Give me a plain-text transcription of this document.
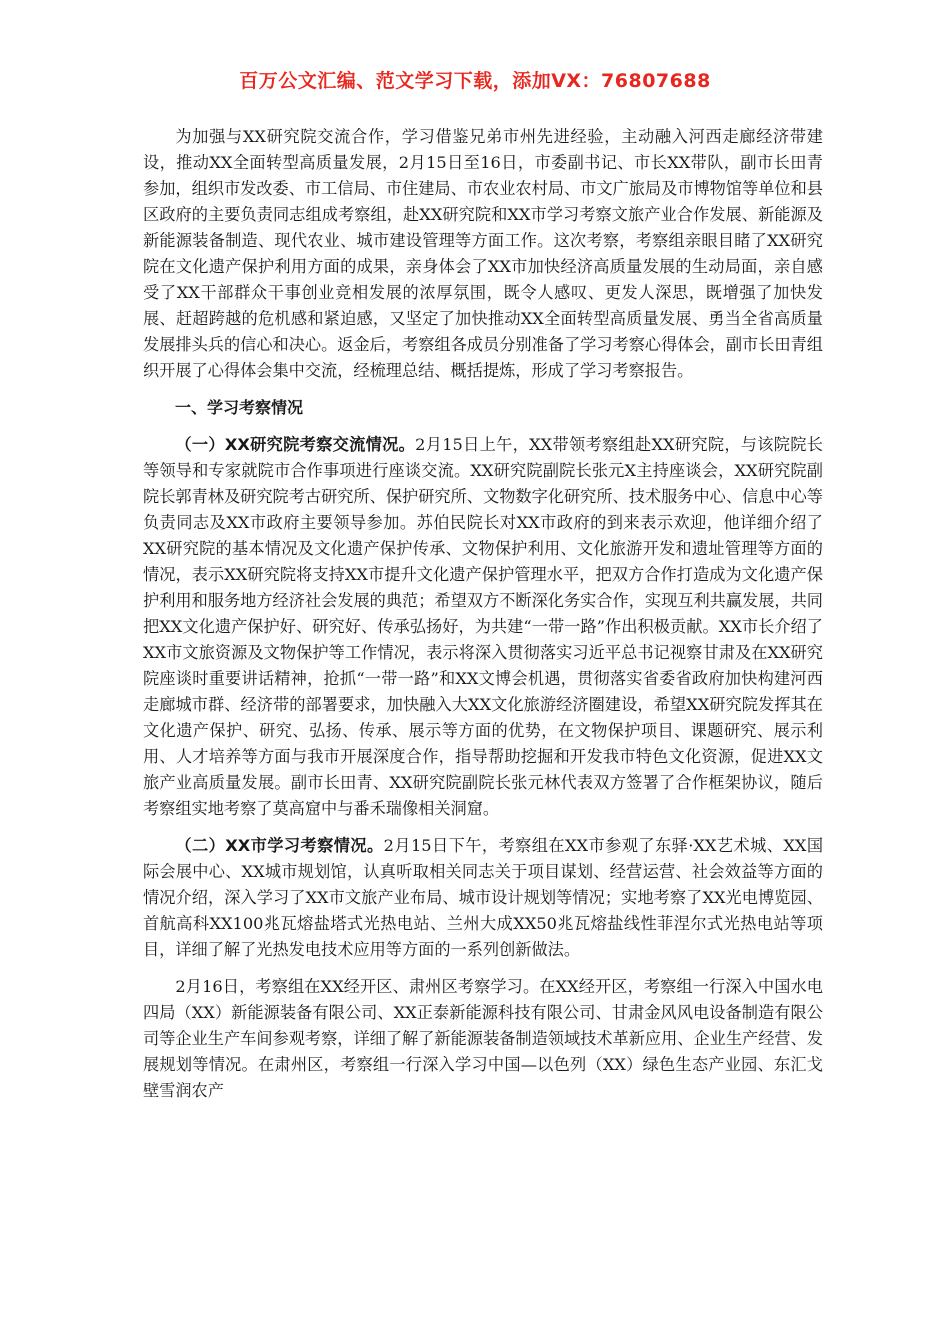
百万公文汇编、范文学习下载，添加VX：76807688

为加强与XX研究院交流合作，学习借鉴兄弟市州先进经验，主动融入河西走廊经济带建设，推动XX全面转型高质量发展，2月15日至16日，市委副书记、市长XX带队，副市长田青参加，组织市发改委、市工信局、市住建局、市农业农村局、市文广旅局及市博物馆等单位和县区政府的主要负责同志组成考察组，赴XX研究院和XX市学习考察文旅产业合作发展、新能源及新能源装备制造、现代农业、城市建设管理等方面工作。这次考察，考察组亲眼目睹了XX研究院在文化遗产保护利用方面的成果，亲身体会了XX市加快经济高质量发展的生动局面，亲自感受了XX干部群众干事创业竞相发展的浓厚氛围，既令人感叹、更发人深思，既增强了加快发展、赶超跨越的危机感和紧迫感，又坚定了加快推动XX全面转型高质量发展、勇当全省高质量发展排头兵的信心和决心。返金后，考察组各成员分别准备了学习考察心得体会，副市长田青组织开展了心得体会集中交流，经梳理总结、概括提炼，形成了学习考察报告。

一、学习考察情况

（一）XX研究院考察交流情况。2月15日上午，XX带领考察组赴XX研究院，与该院院长等领导和专家就院市合作事项进行座谈交流。XX研究院副院长张元X主持座谈会，XX研究院副院长郭青林及研究院考古研究所、保护研究所、文物数字化研究所、技术服务中心、信息中心等负责同志及XX市政府主要领导参加。苏伯民院长对XX市政府的到来表示欢迎，他详细介绍了XX研究院的基本情况及文化遗产保护传承、文物保护利用、文化旅游开发和遗址管理等方面的情况，表示XX研究院将支持XX市提升文化遗产保护管理水平，把双方合作打造成为文化遗产保护利用和服务地方经济社会发展的典范；希望双方不断深化务实合作，实现互利共赢发展，共同把XX文化遗产保护好、研究好、传承弘扬好，为共建“一带一路”作出积极贡献。XX市长介绍了XX市文旅资源及文物保护等工作情况，表示将深入贯彻落实习近平总书记视察甘肃及在XX研究院座谈时重要讲话精神，抢抓“一带一路”和XX文博会机遇，贯彻落实省委省政府加快构建河西走廊城市群、经济带的部署要求，加快融入大XX文化旅游经济圈建设，希望XX研究院发挥其在文化遗产保护、研究、弘扬、传承、展示等方面的优势，在文物保护项目、课题研究、展示利用、人才培养等方面与我市开展深度合作，指导帮助挖掘和开发我市特色文化资源，促进XX文旅产业高质量发展。副市长田青、XX研究院副院长张元林代表双方签署了合作框架协议，随后考察组实地考察了莫高窟中与番禾瑞像相关洞窟。

（二）XX市学习考察情况。2月15日下午，考察组在XX市参观了东驿·XX艺术城、XX国际会展中心、XX城市规划馆，认真听取相关同志关于项目谋划、经营运营、社会效益等方面的情况介绍，深入学习了XX市文旅产业布局、城市设计规划等情况；实地考察了XX光电博览园、首航高科XX100兆瓦熔盐塔式光热电站、兰州大成XX50兆瓦熔盐线性菲涅尔式光热电站等项目，详细了解了光热发电技术应用等方面的一系列创新做法。

2月16日，考察组在XX经开区、肃州区考察学习。在XX经开区，考察组一行深入中国水电四局（XX）新能源装备有限公司、XX正泰新能源科技有限公司、甘肃金风风电设备制造有限公司等企业生产车间参观考察，详细了解了新能源装备制造领域技术革新应用、企业生产经营、发展规划等情况。在肃州区，考察组一行深入学习中国—以色列（XX）绿色生态产业园、东汇戈壁雪润农产
